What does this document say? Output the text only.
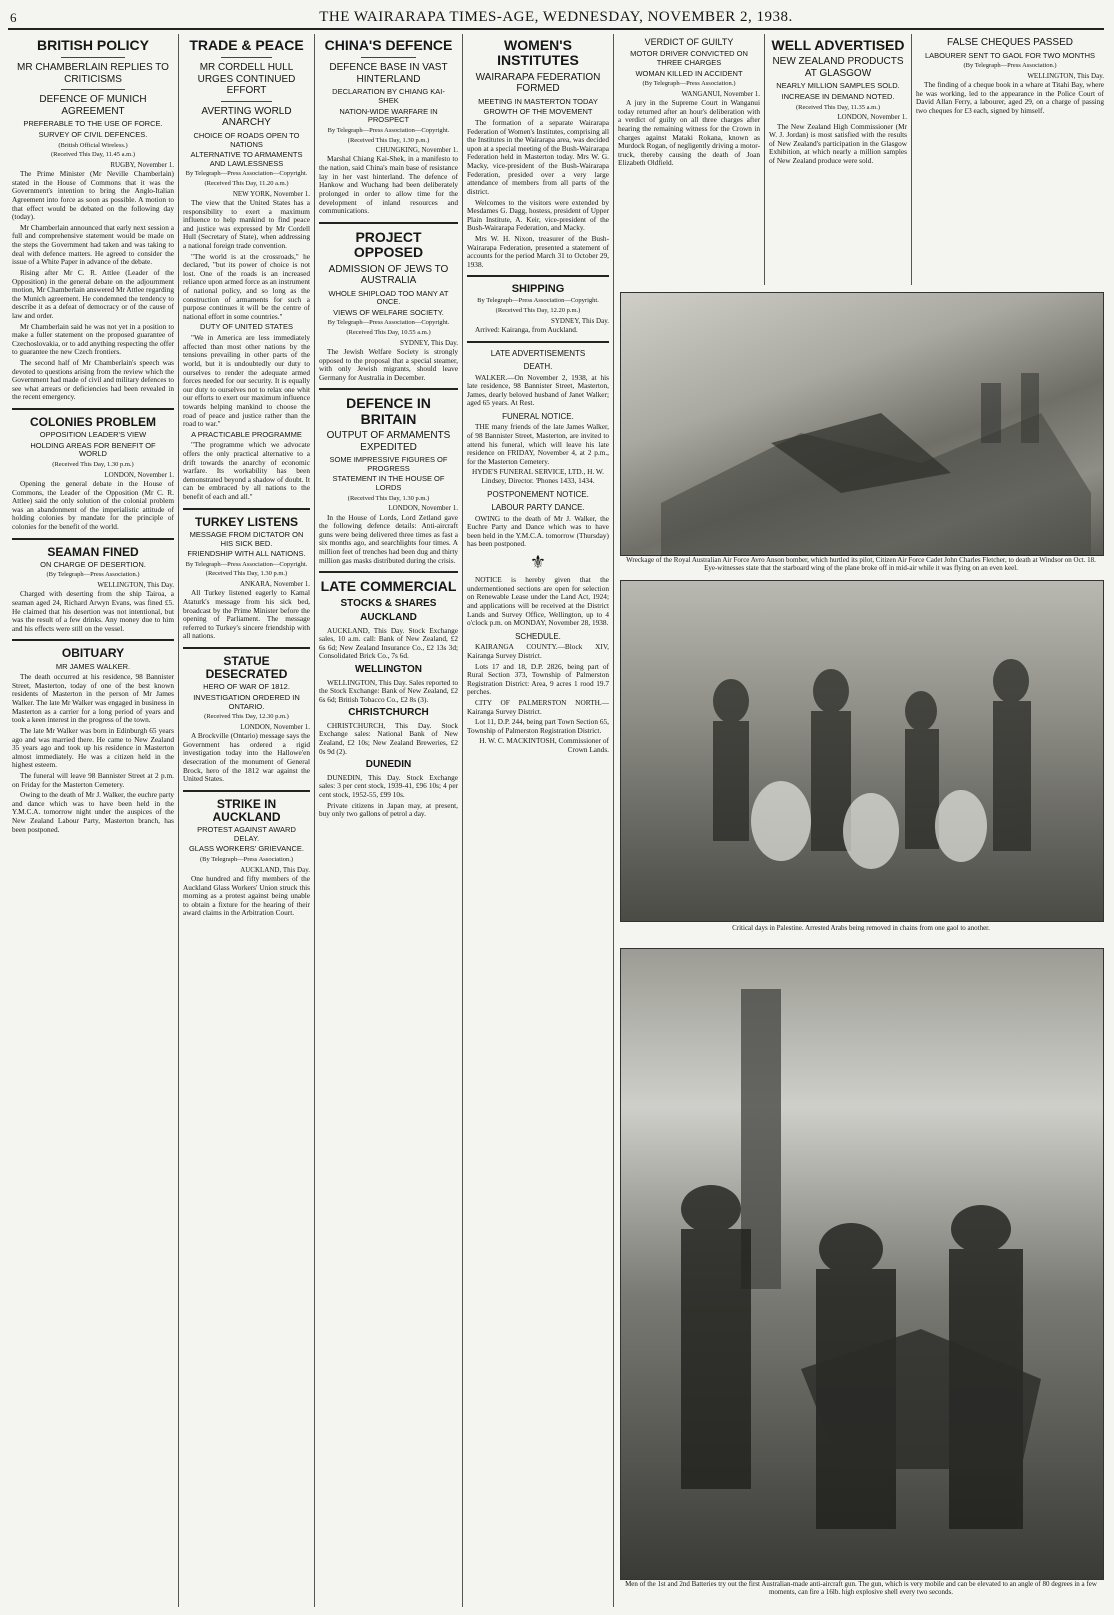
6	THE WAIRARAPA TIMES-AGE, WEDNESDAY, NOVEMBER 2, 1938.
BRITISH POLICY
MR CHAMBERLAIN REPLIES TO CRITICISMS
DEFENCE OF MUNICH AGREEMENT
PREFERABLE TO THE USE OF FORCE.
SURVEY OF CIVIL DEFENCES.
(British Official Wireless.)
(Received This Day, 11.45 a.m.)
RUGBY, November 1.

The Prime Minister (Mr Neville Chamberlain) stated in the House of Commons that it was the Government's intention to bring the Anglo-Italian Agreement into force as soon as possible. A motion to that effect would be debated on the following day (today).

Mr Chamberlain announced that early next session a full and comprehensive statement would be made on the steps the Government had taken and was taking to deal with defence matters. He agreed to consider the issue of a White Paper in advance of the debate.

Rising after Mr C. R. Attlee (Leader of the Opposition) in the general debate on the adjournment motion, Mr Chamberlain answered Mr Attlee regarding the Munich agreement. He condemned the tendency to describe it as a defeat of democracy or of the cause of law and order.

Mr Chamberlain said he was not yet in a position to make a fuller statement on the proposed guarantee of Czechoslovakia, or to add anything respecting the offer to guarantee the new Czech frontiers.

The second half of Mr Chamberlain's speech was devoted to questions arising from the review which the Government had made of civil and military defences to see what arrears or deficiencies had been revealed in the recent emergency.

COLONIES PROBLEM
OPPOSITION LEADER'S VIEW
HOLDING AREAS FOR BENEFIT OF WORLD
(Received This Day, 1.30 p.m.)
LONDON, November 1.

Opening the general debate in the House of Commons, the Leader of the Opposition (Mr C. R. Attlee) said the only solution of the colonial problem was an abandonment of the imperialistic attitude of holding colonies by mandate for the principle of colonies for the benefit of the world.

SEAMAN FINED
ON CHARGE OF DESERTION.
(By Telegraph—Press Association.)
WELLINGTON, This Day.

Charged with deserting from the ship Tairoa, a seaman aged 24, Richard Arwyn Evans, was fined £5. He claimed that his desertion was not intentional, but was the result of a few drinks. Any money due to him and his effects were still on the vessel.

OBITUARY
MR JAMES WALKER.

The death occurred at his residence, 98 Bannister Street, Masterton, today of one of the best known residents of Masterton in the person of Mr James Walker. The late Mr Walker was engaged in business in Masterton as a carrier for a long period of years and took a keen interest in the progress of the town.

The late Mr Walker was born in Edinburgh 65 years ago and was married there. He came to New Zealand 35 years ago and took up his residence in Masterton almost immediately. He was a citizen held in the highest esteem.

The funeral will leave 98 Bannister Street at 2 p.m. on Friday for the Masterton Cemetery.

Owing to the death of Mr J. Walker, the euchre party and dance which was to have been held in the Y.M.C.A. tomorrow night under the auspices of the New Zealand Labour Party, Masterton branch, has been postponed.

TRADE & PEACE
MR CORDELL HULL URGES CONTINUED EFFORT
AVERTING WORLD ANARCHY
CHOICE OF ROADS OPEN TO NATIONS
ALTERNATIVE TO ARMAMENTS AND LAWLESSNESS
By Telegraph—Press Association—Copyright.
(Received This Day, 11.20 a.m.)
NEW YORK, November 1.

The view that the United States has a responsibility to exert a maximum influence to help mankind to find peace and justice was expressed by Mr Cordell Hull (Secretary of State), when addressing a national foreign trade convention.

"The world is at the crossroads," he declared, "but its power of choice is not lost. One of the roads is an increased reliance upon armed force as an instrument of national policy, and so long as the construction of armaments for such a purpose continues it will be the centre of national effort in some countries."

DUTY OF UNITED STATES

"We in America are less immediately affected than most other nations by the tensions prevailing in other parts of the world, but it is undoubtedly our duty to ourselves to render the adequate armed forces needed for our security. It is equally our duty to ourselves not to relax one whit our efforts to exert our maximum influence towards helping mankind to choose the road of peace and justice rather than the road to war."

A PRACTICABLE PROGRAMME

"The programme which we advocate offers the only practical alternative to a drift towards the anarchy of economic warfare. Its workability has been demonstrated beyond a shadow of doubt. It can be embraced by all nations to the benefit of each and all."

TURKEY LISTENS
MESSAGE FROM DICTATOR ON HIS SICK BED.
FRIENDSHIP WITH ALL NATIONS.
By Telegraph—Press Association—Copyright.
(Received This Day, 1.30 p.m.)
ANKARA, November 1.

All Turkey listened eagerly to Kamal Ataturk's message from his sick bed, broadcast by the Prime Minister before the opening of Parliament. The message referred to Turkey's sincere friendship with all nations.

STATUE DESECRATED
HERO OF WAR OF 1812.
INVESTIGATION ORDERED IN ONTARIO.
(Received This Day, 12.30 p.m.)
LONDON, November 1.

A Brockville (Ontario) message says the Government has ordered a rigid investigation today into the Hallowe'en desecration of the monument of General Brock, hero of the 1812 war against the United States.

STRIKE IN AUCKLAND
PROTEST AGAINST AWARD DELAY.
GLASS WORKERS' GRIEVANCE.
(By Telegraph—Press Association.)
AUCKLAND, This Day.

One hundred and fifty members of the Auckland Glass Workers' Union struck this morning as a protest against being unable to obtain a fixture for the hearing of their award claims in the Arbitration Court.

CHINA'S DEFENCE
DEFENCE BASE IN VAST HINTERLAND
DECLARATION BY CHIANG KAI-SHEK
NATION-WIDE WARFARE IN PROSPECT
By Telegraph—Press Association—Copyright.
(Received This Day, 1.30 p.m.)
CHUNGKING, November 1.

Marshal Chiang Kai-Shek, in a manifesto to the nation, said China's main base of resistance lay in her vast hinterland. The defence of Hankow and Wuchang had been deliberately prolonged in order to allow time for the development of inland resources and communications.

PROJECT OPPOSED
ADMISSION OF JEWS TO AUSTRALIA
WHOLE SHIPLOAD TOO MANY AT ONCE.
VIEWS OF WELFARE SOCIETY.
By Telegraph—Press Association—Copyright.
(Received This Day, 10.55 a.m.)
SYDNEY, This Day.

The Jewish Welfare Society is strongly opposed to the proposal that a special steamer, with only Jewish migrants, should leave Germany for Australia in December.

DEFENCE IN BRITAIN
OUTPUT OF ARMAMENTS EXPEDITED
SOME IMPRESSIVE FIGURES OF PROGRESS
STATEMENT IN THE HOUSE OF LORDS
(Received This Day, 1.30 p.m.)
LONDON, November 1.

In the House of Lords, Lord Zetland gave the following defence details: Anti-aircraft guns were being delivered three times as fast a six months ago, and searchlights four times. A million feet of trenches had been dug and thirty million gas masks distributed during the crisis.

LATE COMMERCIAL
STOCKS & SHARES
AUCKLAND

AUCKLAND, This Day. Stock Exchange sales, 10 a.m. call: Bank of New Zealand, £2 6s 6d; New Zealand Insurance Co., £2 13s 3d; Consolidated Brick Co., 7s 6d.

WELLINGTON

WELLINGTON, This Day. Sales reported to the Stock Exchange: Bank of New Zealand, £2 6s 6d; British Tobacco Co., £2 8s (3).

CHRISTCHURCH

CHRISTCHURCH, This Day. Stock Exchange sales: National Bank of New Zealand, £2 10s; New Zealand Breweries, £2 0s 9d (2).

DUNEDIN

DUNEDIN, This Day. Stock Exchange sales: 3 per cent stock, 1939-41, £96 10s; 4 per cent stock, 1952-55, £99 10s.

Private citizens in Japan may, at present, buy only two gallons of petrol a day.

WOMEN'S INSTITUTES
WAIRARAPA FEDERATION FORMED
MEETING IN MASTERTON TODAY
GROWTH OF THE MOVEMENT

The formation of a separate Wairarapa Federation of Women's Institutes, comprising all the Institutes in the Wairarapa area, was decided upon at a special meeting of the Bush-Wairarapa Federation held in Masterton today. Mrs W. G. Macky, vice-president of the Bush-Wairarapa Federation, presided over a very large attendance of members from all parts of the district.

Welcomes to the visitors were extended by Mesdames G. Dagg, hostess, president of Upper Plain Institute, A. Keir, vice-president of the Bush-Wairarapa Federation, and Macky.

Mrs W. H. Nixon, treasurer of the Bush-Wairarapa Federation, presented a statement of accounts for the period March 31 to October 29, 1938.

SHIPPING
By Telegraph—Press Association—Copyright.
(Received This Day, 12.20 p.m.)
SYDNEY, This Day.

Arrived: Kairanga, from Auckland.

LATE ADVERTISEMENTS
DEATH.

WALKER.—On November 2, 1938, at his late residence, 98 Bannister Street, Masterton, James, dearly beloved husband of Janet Walker; aged 65 years. At Rest.

FUNERAL NOTICE.

THE many friends of the late James Walker, of 98 Bannister Street, Masterton, are invited to attend his funeral, which will leave his late residence on FRIDAY, November 4, at 2 p.m., for the Masterton Cemetery.

HYDE'S FUNERAL SERVICE, LTD., H. W. Lindsey, Director. 'Phones 1433, 1434.

POSTPONEMENT NOTICE.
LABOUR PARTY DANCE.

OWING to the death of Mr J. Walker, the Euchre Party and Dance which was to have been held in the Y.M.C.A. tomorrow (Thursday) has been postponed.

⚜

NOTICE is hereby given that the undermentioned sections are open for selection on Renewable Lease under the Land Act, 1924; and applications will be received at the District Lands and Survey Office, Wellington, up to 4 o'clock p.m. on MONDAY, November 28, 1938.

SCHEDULE.

KAIRANGA COUNTY.—Block XIV, Kairanga Survey District.

Lots 17 and 18, D.P. 2826, being part of Rural Section 373, Township of Palmerston Registration District: Area, 9 acres 1 rood 19.7 perches.

CITY OF PALMERSTON NORTH.—Kairanga Survey District.

Lot 11, D.P. 244, being part Town Section 65, Township of Palmerston Registration District.

H. W. C. MACKINTOSH, Commissioner of Crown Lands.

VERDICT OF GUILTY
MOTOR DRIVER CONVICTED ON THREE CHARGES
WOMAN KILLED IN ACCIDENT
(By Telegraph—Press Association.)
WANGANUI, November 1.

A jury in the Supreme Court in Wanganui today returned after an hour's deliberation with a verdict of guilty on all three charges after hearing the remaining witness for the Crown in charges against Mataki Rokana, known as Murdock Rogan, of negligently driving a motor-truck, thereby causing the death of Joan Elizabeth Oldfield.

WELL ADVERTISED
NEW ZEALAND PRODUCTS AT GLASGOW
NEARLY MILLION SAMPLES SOLD.
INCREASE IN DEMAND NOTED.
(Received This Day, 11.35 a.m.)
LONDON, November 1.

The New Zealand High Commissioner (Mr W. J. Jordan) is most satisfied with the results of New Zealand's participation in the Glasgow Exhibition, at which nearly a million samples of New Zealand produce were sold.

FALSE CHEQUES PASSED
LABOURER SENT TO GAOL FOR TWO MONTHS
(By Telegraph—Press Association.)
WELLINGTON, This Day.

The finding of a cheque book in a whare at Titahi Bay, where he was working, led to the appearance in the Police Court of David Allan Ferry, a labourer, aged 29, on a charge of passing two cheques for £3 each, signed by himself.

Wreckage of the Royal Australian Air Force Avro Anson bomber, which hurtled its pilot, Citizen Air Force Cadet John Charles Fletcher, to death at Windsor on Oct. 18. Eye-witnesses state that the starboard wing of the plane broke off in mid-air while it was flying on an even keel.
Critical days in Palestine. Arrested Arabs being removed in chains from one gaol to another.
Men of the 1st and 2nd Batteries try out the first Australian-made anti-aircraft gun. The gun, which is very mobile and can be elevated to an angle of 80 degrees in a few moments, can fire a 16lb. high explosive shell every two seconds.
